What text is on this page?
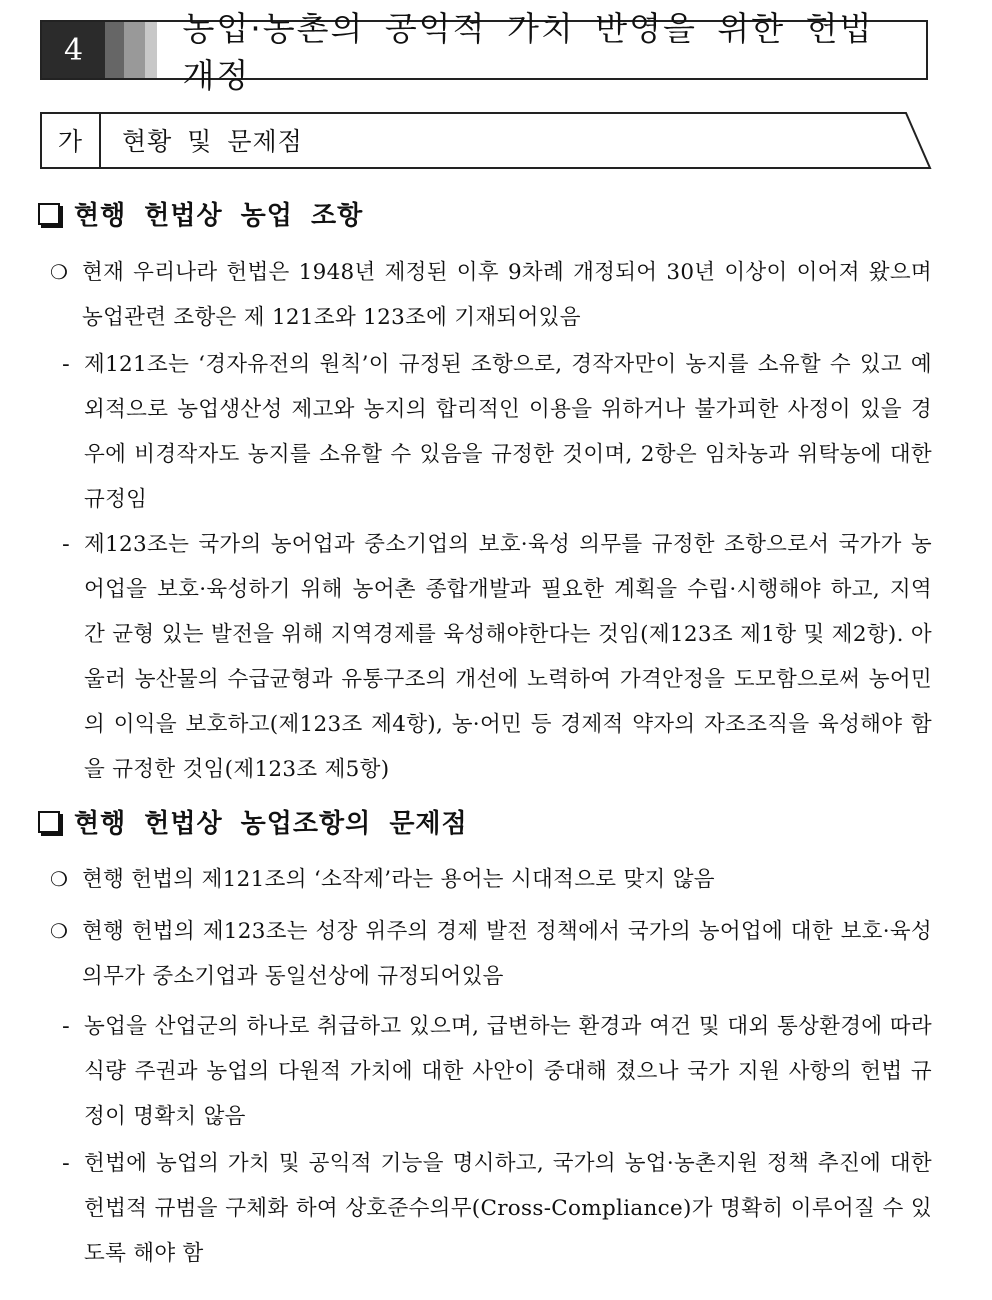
4
농업·농촌의 공익적 가치 반영을 위한 헌법 개정
가	현황 및 문제점
현행 헌법상 농업 조항
❍ 현재 우리나라 헌법은 1948년 제정된 이후 9차례 개정되어 30년 이상이 이어져 왔으며 농업관련 조항은 제 121조와 123조에 기재되어있음
- 제121조는 ‘경자유전의 원칙’이 규정된 조항으로, 경작자만이 농지를 소유할 수 있고 예외적으로 농업생산성 제고와 농지의 합리적인 이용을 위하거나 불가피한 사정이 있을 경우에 비경작자도 농지를 소유할 수 있음을 규정한 것이며, 2항은 임차농과 위탁농에 대한 규정임
- 제123조는 국가의 농어업과 중소기업의 보호·육성 의무를 규정한 조항으로서 국가가 농어업을 보호·육성하기 위해 농어촌 종합개발과 필요한 계획을 수립·시행해야 하고, 지역 간 균형 있는 발전을 위해 지역경제를 육성해야한다는 것임(제123조 제1항 및 제2항). 아울러 농산물의 수급균형과 유통구조의 개선에 노력하여 가격안정을 도모함으로써 농어민의 이익을 보호하고(제123조 제4항), 농·어민 등 경제적 약자의 자조조직을 육성해야 함을 규정한 것임(제123조 제5항)
현행 헌법상 농업조항의 문제점
❍ 현행 헌법의 제121조의 ‘소작제’라는 용어는 시대적으로 맞지 않음
❍ 현행 헌법의 제123조는 성장 위주의 경제 발전 정책에서 국가의 농어업에 대한 보호·육성 의무가 중소기업과 동일선상에 규정되어있음
- 농업을 산업군의 하나로 취급하고 있으며, 급변하는 환경과 여건 및 대외 통상환경에 따라 식량 주권과 농업의 다원적 가치에 대한 사안이 중대해 졌으나 국가 지원 사항의 헌법 규정이 명확치 않음
- 헌법에 농업의 가치 및 공익적 기능을 명시하고, 국가의 농업·농촌지원 정책 추진에 대한 헌법적 규범을 구체화 하여 상호준수의무(Cross-Compliance)가 명확히 이루어질 수 있도록 해야 함
